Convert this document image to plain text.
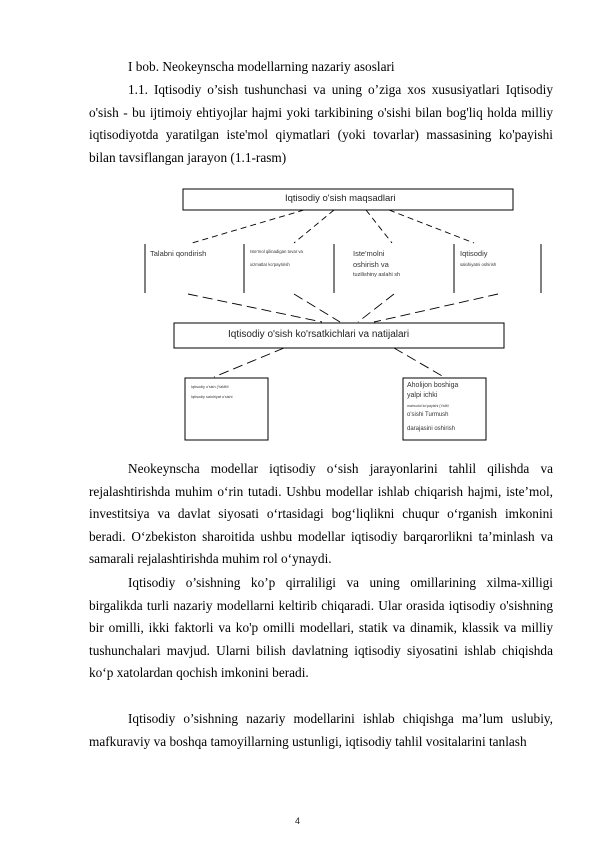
I bob. Neokeynscha modellarning nazariy asoslari

1.1. Iqtisodiy o’sish tushunchasi va uning o’ziga xos xususiyatlari Iqtisodiy o'sish - bu ijtimoiy ehtiyojlar hajmi yoki tarkibining o'sishi bilan bog'liq holda milliy iqtisodiyotda yaratilgan iste'mol qiymatlari (yoki tovarlar) massasining ko'payishi bilan tavsiflangan jarayon (1.1-rasm)

Iqtisodiy o'sish maqsadlari
Talabni qondirish	Iste'mol qilinadigan tovar va
xizmatlar ko'paytirish
Iste'molni
oshirish va
tuzilishiny aslahi sh
Iqtisodiy
salohiyatni oshirish
Iqtisodiy o'sish ko'rsatkichlari va natijalari
Iqtisodiy o'sish (YaMM
Iqtisodiy salohiyat o'sishi
Aholijon boshiga
yalpi ichki
mahsulot ko'payishi (YaIM
o'sishi Turmush
darajasini oshirish

Neokeynscha modellar iqtisodiy o‘sish jarayonlarini tahlil qilishda va rejalashtirishda muhim o‘rin tutadi. Ushbu modellar ishlab chiqarish hajmi, iste’mol, investitsiya va davlat siyosati o‘rtasidagi bog‘liqlikni chuqur o‘rganish imkonini beradi. O‘zbekiston sharoitida ushbu modellar iqtisodiy barqarorlikni ta’minlash va samarali rejalashtirishda muhim rol o‘ynaydi.

Iqtisodiy o’sishning ko’p qirraliligi va uning omillarining xilma-xilligi birgalikda turli nazariy modellarni keltirib chiqaradi. Ular orasida iqtisodiy o'sishning bir omilli, ikki faktorli va ko'p omilli modellari, statik va dinamik, klassik va milliy tushunchalari mavjud. Ularni bilish davlatning iqtisodiy siyosatini ishlab chiqishda ko‘p xatolardan qochish imkonini beradi.

Iqtisodiy o’sishning nazariy modellarini ishlab chiqishga ma’lum uslubiy, mafkuraviy va boshqa tamoyillarning ustunligi, iqtisodiy tahlil vositalarini tanlash

4
